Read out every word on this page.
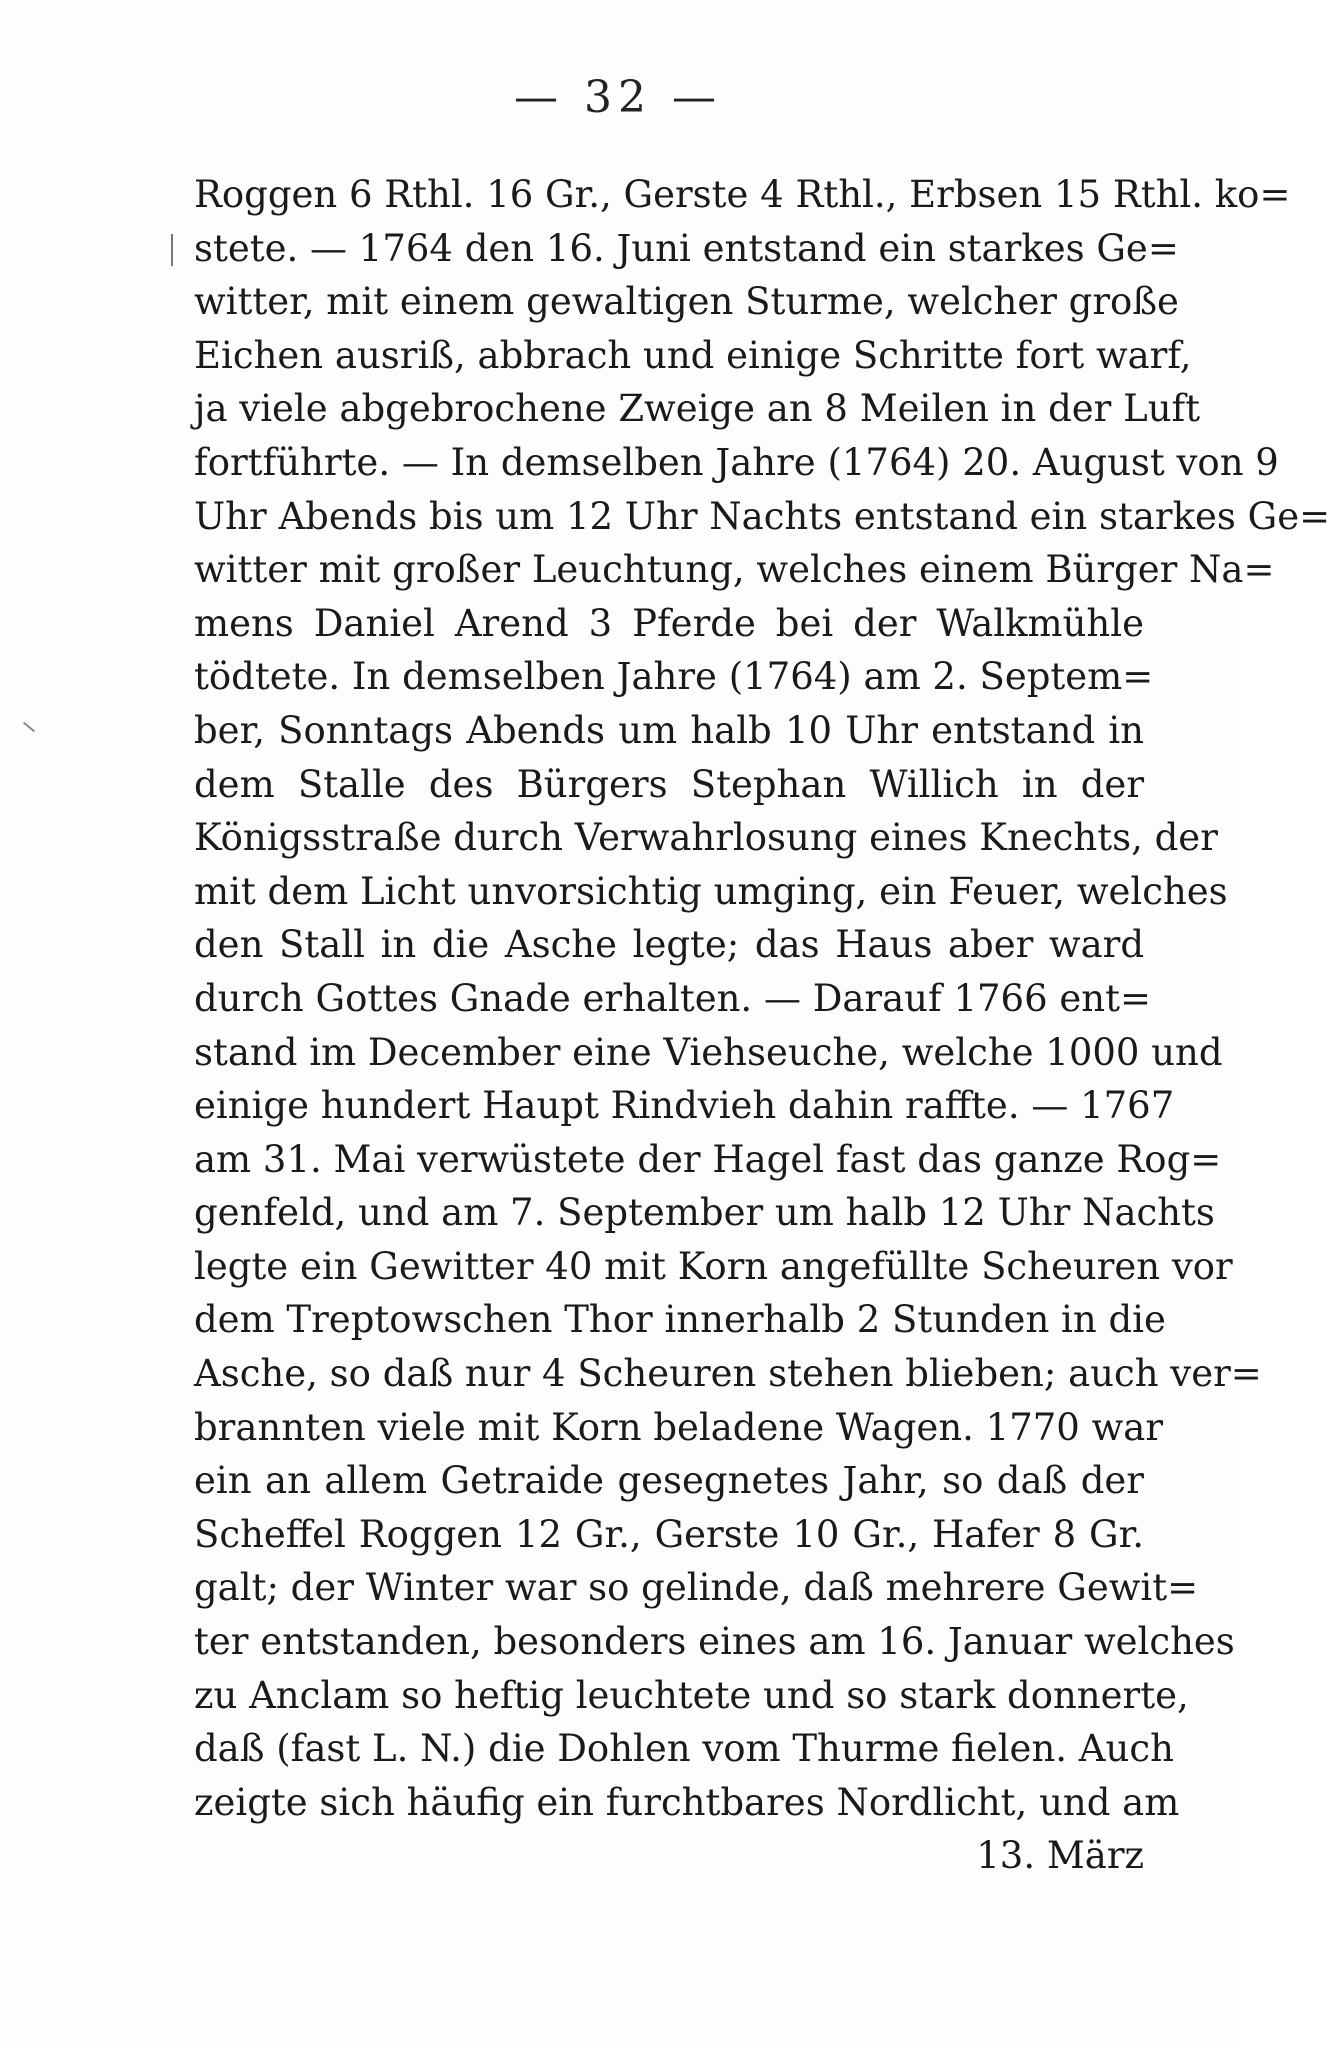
— 32 —
Roggen 6 Rthl. 16 Gr., Gerste 4 Rthl., Erbsen 15 Rthl. ko=
stete. — 1764 den 16. Juni entstand ein starkes Ge=
witter, mit einem gewaltigen Sturme, welcher große
Eichen ausriß, abbrach und einige Schritte fort warf,
ja viele abgebrochene Zweige an 8 Meilen in der Luft
fortführte. — In demselben Jahre (1764) 20. August von 9
Uhr Abends bis um 12 Uhr Nachts entstand ein starkes Ge=
witter mit großer Leuchtung, welches einem Bürger Na=
mens Daniel Arend 3 Pferde bei der Walkmühle
tödtete. In demselben Jahre (1764) am 2. Septem=
ber, Sonntags Abends um halb 10 Uhr entstand in
dem Stalle des Bürgers Stephan Willich in der
Königsstraße durch Verwahrlosung eines Knechts, der
mit dem Licht unvorsichtig umging, ein Feuer, welches
den Stall in die Asche legte; das Haus aber ward
durch Gottes Gnade erhalten. — Darauf 1766 ent=
stand im December eine Viehseuche, welche 1000 und
einige hundert Haupt Rindvieh dahin raffte. — 1767
am 31. Mai verwüstete der Hagel fast das ganze Rog=
genfeld, und am 7. September um halb 12 Uhr Nachts
legte ein Gewitter 40 mit Korn angefüllte Scheuren vor
dem Treptowschen Thor innerhalb 2 Stunden in die
Asche, so daß nur 4 Scheuren stehen blieben; auch ver=
brannten viele mit Korn beladene Wagen. 1770 war
ein an allem Getraide gesegnetes Jahr, so daß der
Scheffel Roggen 12 Gr., Gerste 10 Gr., Hafer 8 Gr.
galt; der Winter war so gelinde, daß mehrere Gewit=
ter entstanden, besonders eines am 16. Januar welches
zu Anclam so heftig leuchtete und so stark donnerte,
daß (fast L. N.) die Dohlen vom Thurme fielen. Auch
zeigte sich häufig ein furchtbares Nordlicht, und am
13. März
